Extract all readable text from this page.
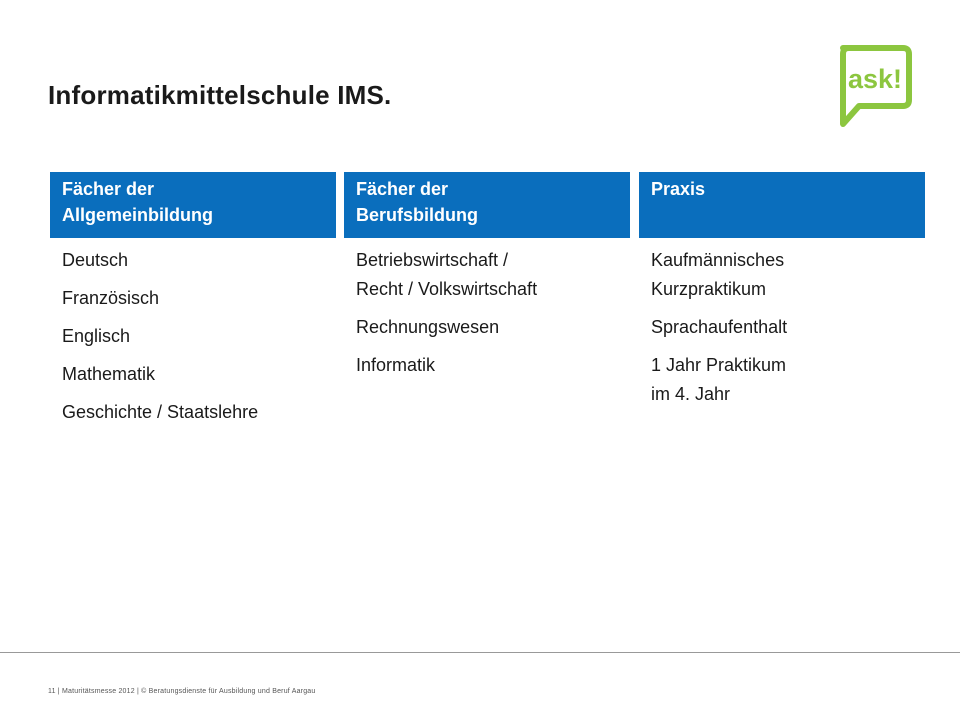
Informatikmittelschule IMS.
ask!
Fächer der
Allgemeinbildung
Deutsch
Französisch
Englisch
Mathematik
Geschichte / Staatslehre
Fächer der
Berufsbildung
Betriebswirtschaft /
Recht / Volkswirtschaft
Rechnungswesen
Informatik
Praxis
Kaufmännisches
Kurzpraktikum
Sprachaufenthalt
1 Jahr Praktikum
im 4. Jahr
11 | Maturitätsmesse 2012 | © Beratungsdienste für Ausbildung und Beruf Aargau
